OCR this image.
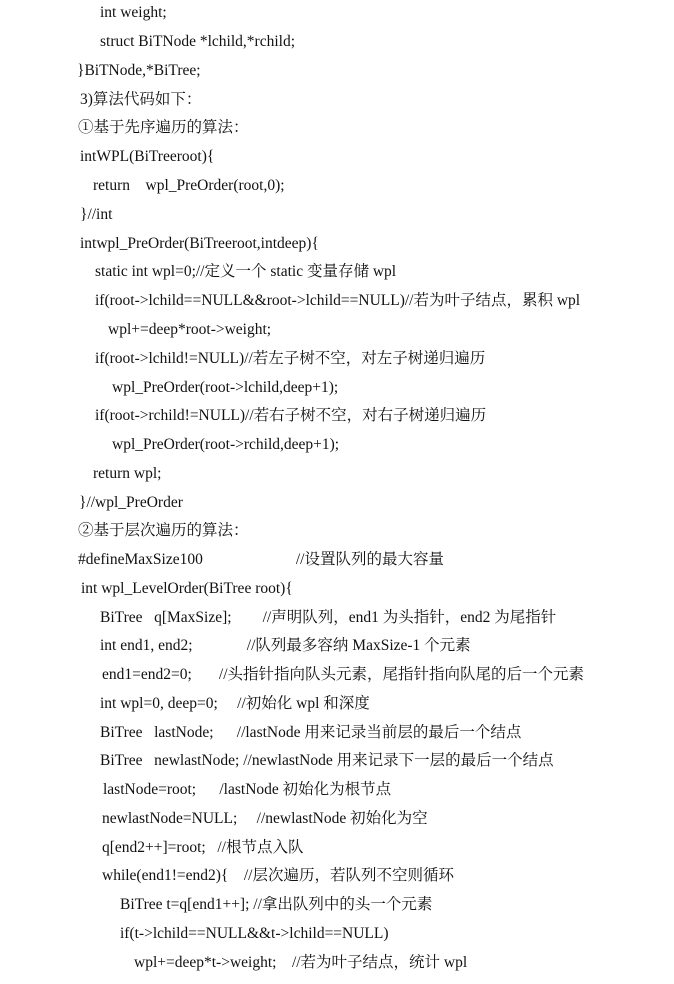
int weight;
struct BiTNode *lchild,*rchild;
}BiTNode,*BiTree;
3)算法代码如下：
①基于先序遍历的算法：
intWPL(BiTreeroot){
return    wpl_PreOrder(root,0);
}//int
intwpl_PreOrder(BiTreeroot,intdeep){
static int wpl=0;//定义一个 static 变量存储 wpl
if(root->lchild==NULL&&root->lchild==NULL)//若为叶子结点，累积 wpl
wpl+=deep*root->weight;
if(root->lchild!=NULL)//若左子树不空，对左子树递归遍历
wpl_PreOrder(root->lchild,deep+1);
if(root->rchild!=NULL)//若右子树不空，对右子树递归遍历
wpl_PreOrder(root->rchild,deep+1);
return wpl;
}//wpl_PreOrder
②基于层次遍历的算法：
#defineMaxSize100                        //设置队列的最大容量
int wpl_LevelOrder(BiTree root){
BiTree   q[MaxSize];        //声明队列，end1 为头指针，end2 为尾指针
int end1, end2;              //队列最多容纳 MaxSize-1 个元素
end1=end2=0;       //头指针指向队头元素，尾指针指向队尾的后一个元素
int wpl=0, deep=0;     //初始化 wpl 和深度
BiTree   lastNode;      //lastNode 用来记录当前层的最后一个结点
BiTree   newlastNode; //newlastNode 用来记录下一层的最后一个结点
lastNode=root;      /lastNode 初始化为根节点
newlastNode=NULL;     //newlastNode 初始化为空
q[end2++]=root;   //根节点入队
while(end1!=end2){    //层次遍历，若队列不空则循环
BiTree t=q[end1++]; //拿出队列中的头一个元素
if(t->lchild==NULL&&t->lchild==NULL)
wpl+=deep*t->weight;    //若为叶子结点，统计 wpl
